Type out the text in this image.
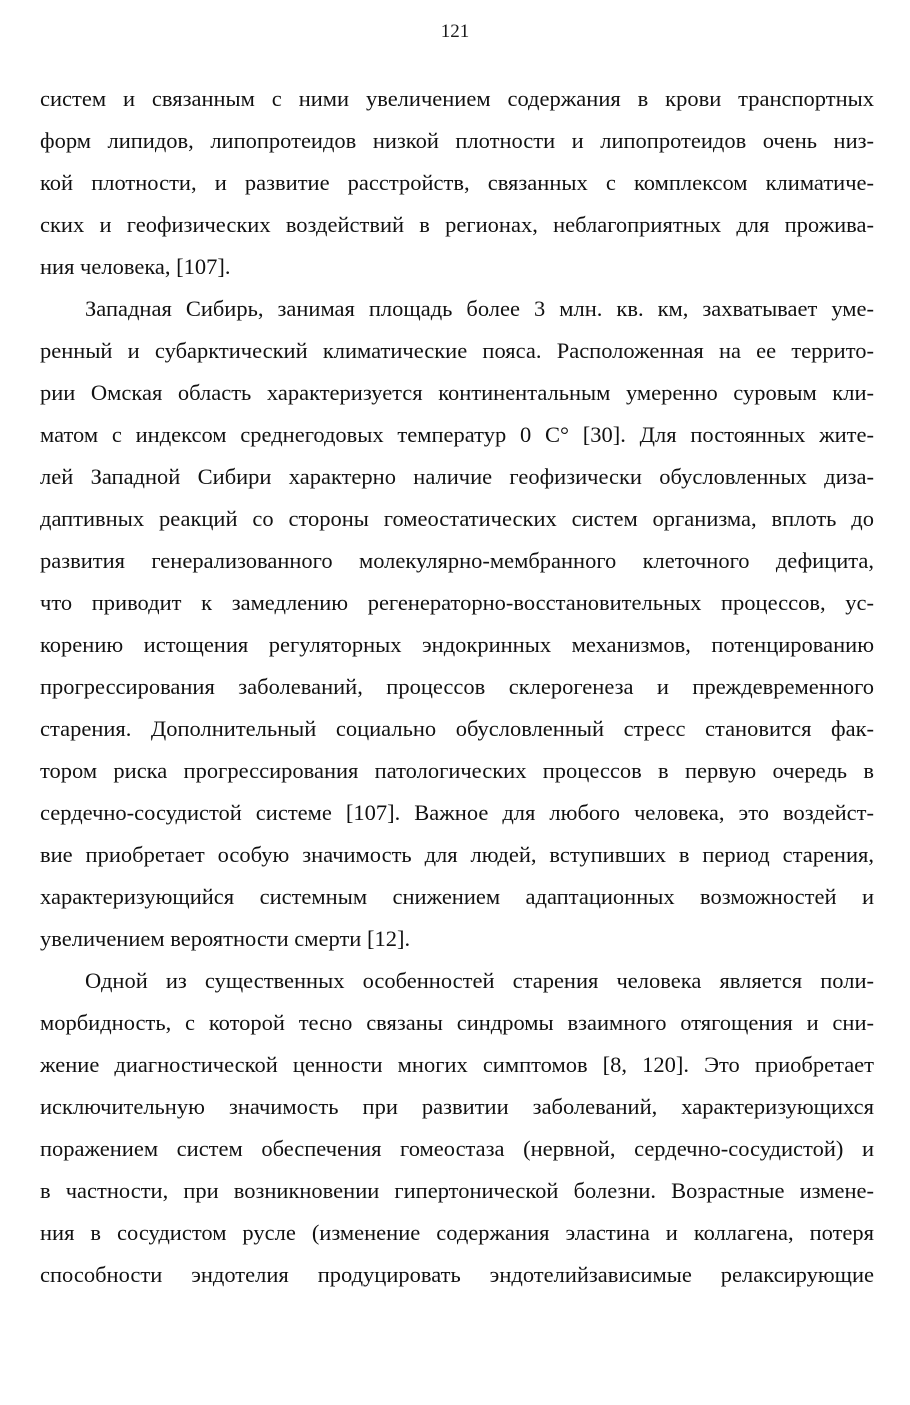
121
систем и связанным с ними увеличением содержания в крови транспортных
форм липидов, липопротеидов низкой плотности и липопротеидов очень низ-
кой плотности, и развитие расстройств, связанных с комплексом климатиче-
ских и геофизических воздействий в регионах, неблагоприятных для прожива-
ния человека, [107].
Западная Сибирь, занимая площадь более 3 млн. кв. км, захватывает уме-
ренный и субарктический климатические пояса. Расположенная на ее террито-
рии Омская область характеризуется континентальным умеренно суровым кли-
матом с индексом среднегодовых температур 0 С° [30]. Для постоянных жите-
лей Западной Сибири характерно наличие геофизически обусловленных диза-
даптивных реакций со стороны гомеостатических систем организма, вплоть до
развития генерализованного молекулярно-мембранного клеточного дефицита,
что приводит к замедлению регенераторно-восстановительных процессов, ус-
корению истощения регуляторных эндокринных механизмов, потенцированию
прогрессирования заболеваний, процессов склерогенеза и преждевременного
старения. Дополнительный социально обусловленный стресс становится фак-
тором риска прогрессирования патологических процессов в первую очередь в
сердечно-сосудистой системе [107]. Важное для любого человека, это воздейст-
вие приобретает особую значимость для людей, вступивших в период старения,
характеризующийся системным снижением адаптационных возможностей и
увеличением вероятности смерти [12].
Одной из существенных особенностей старения человека является поли-
морбидность, с которой тесно связаны синдромы взаимного отягощения и сни-
жение диагностической ценности многих симптомов [8, 120]. Это приобретает
исключительную значимость при развитии заболеваний, характеризующихся
поражением систем обеспечения гомеостаза (нервной, сердечно-сосудистой) и
в частности, при возникновении гипертонической болезни. Возрастные измене-
ния в сосудистом русле (изменение содержания эластина и коллагена, потеря
способности эндотелия продуцировать эндотелийзависимые релаксирующие
